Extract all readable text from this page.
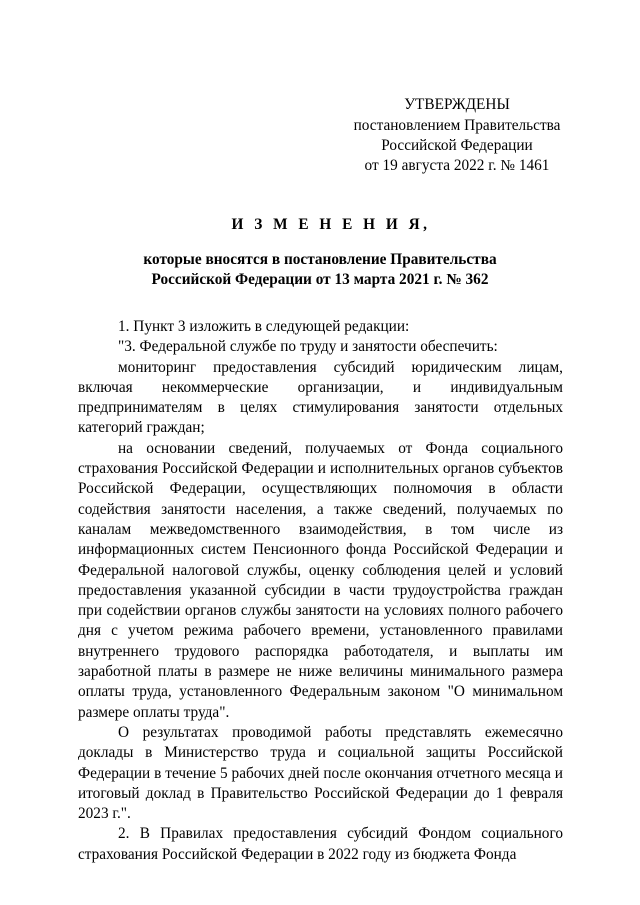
УТВЕРЖДЕНЫ
постановлением Правительства
Российской Федерации
от 19 августа 2022 г. № 1461
И З М Е Н Е Н И Я,
которые вносятся в постановление Правительства
Российской Федерации от 13 марта 2021 г. № 362

1. Пункт 3 изложить в следующей редакции:

"3. Федеральной службе по труду и занятости обеспечить:

мониторинг предоставления субсидий юридическим лицам, включая некоммерческие организации, и индивидуальным предпринимателям в целях стимулирования занятости отдельных категорий граждан;

на основании сведений, получаемых от Фонда социального страхования Российской Федерации и исполнительных органов субъектов Российской Федерации, осуществляющих полномочия в области содействия занятости населения, а также сведений, получаемых по каналам межведомственного взаимодействия, в том числе из информационных систем Пенсионного фонда Российской Федерации и Федеральной налоговой службы, оценку соблюдения целей и условий предоставления указанной субсидии в части трудоустройства граждан при содействии органов службы занятости на условиях полного рабочего дня с учетом режима рабочего времени, установленного правилами внутреннего трудового распорядка работодателя, и выплаты им заработной платы в размере не ниже величины минимального размера оплаты труда, установленного Федеральным законом "О минимальном размере оплаты труда".

О результатах проводимой работы представлять ежемесячно доклады в Министерство труда и социальной защиты Российской Федерации в течение 5 рабочих дней после окончания отчетного месяца и итоговый доклад в Правительство Российской Федерации до 1 февраля 2023 г.".

2. В Правилах предоставления субсидий Фондом социального страхования Российской Федерации в 2022 году из бюджета Фонда
